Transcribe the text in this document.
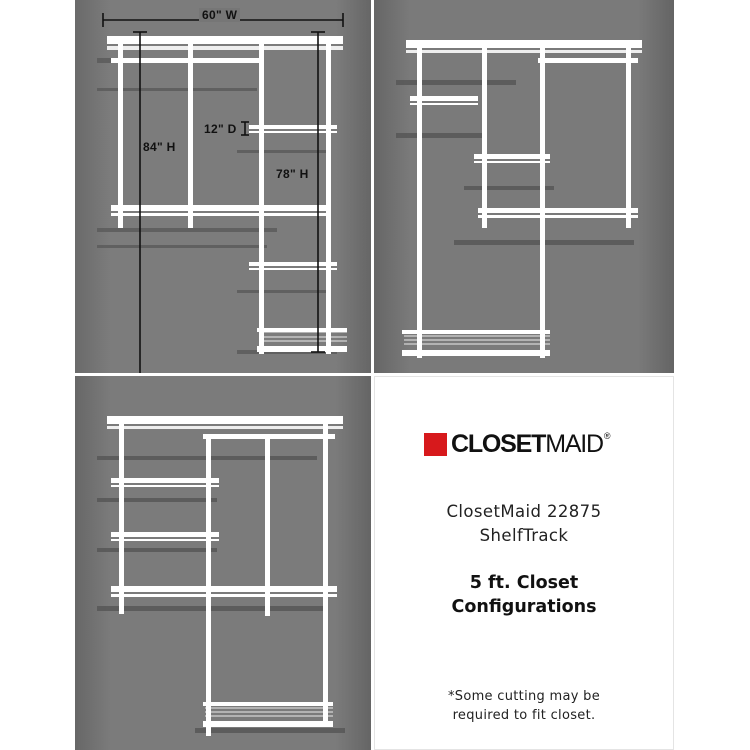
60" W
84" H
12" D
78" H
CLOSETMAID®
ClosetMaid 22875
ShelfTrack
5 ft. Closet
Configurations
*Some cutting may be
required to fit closet.
